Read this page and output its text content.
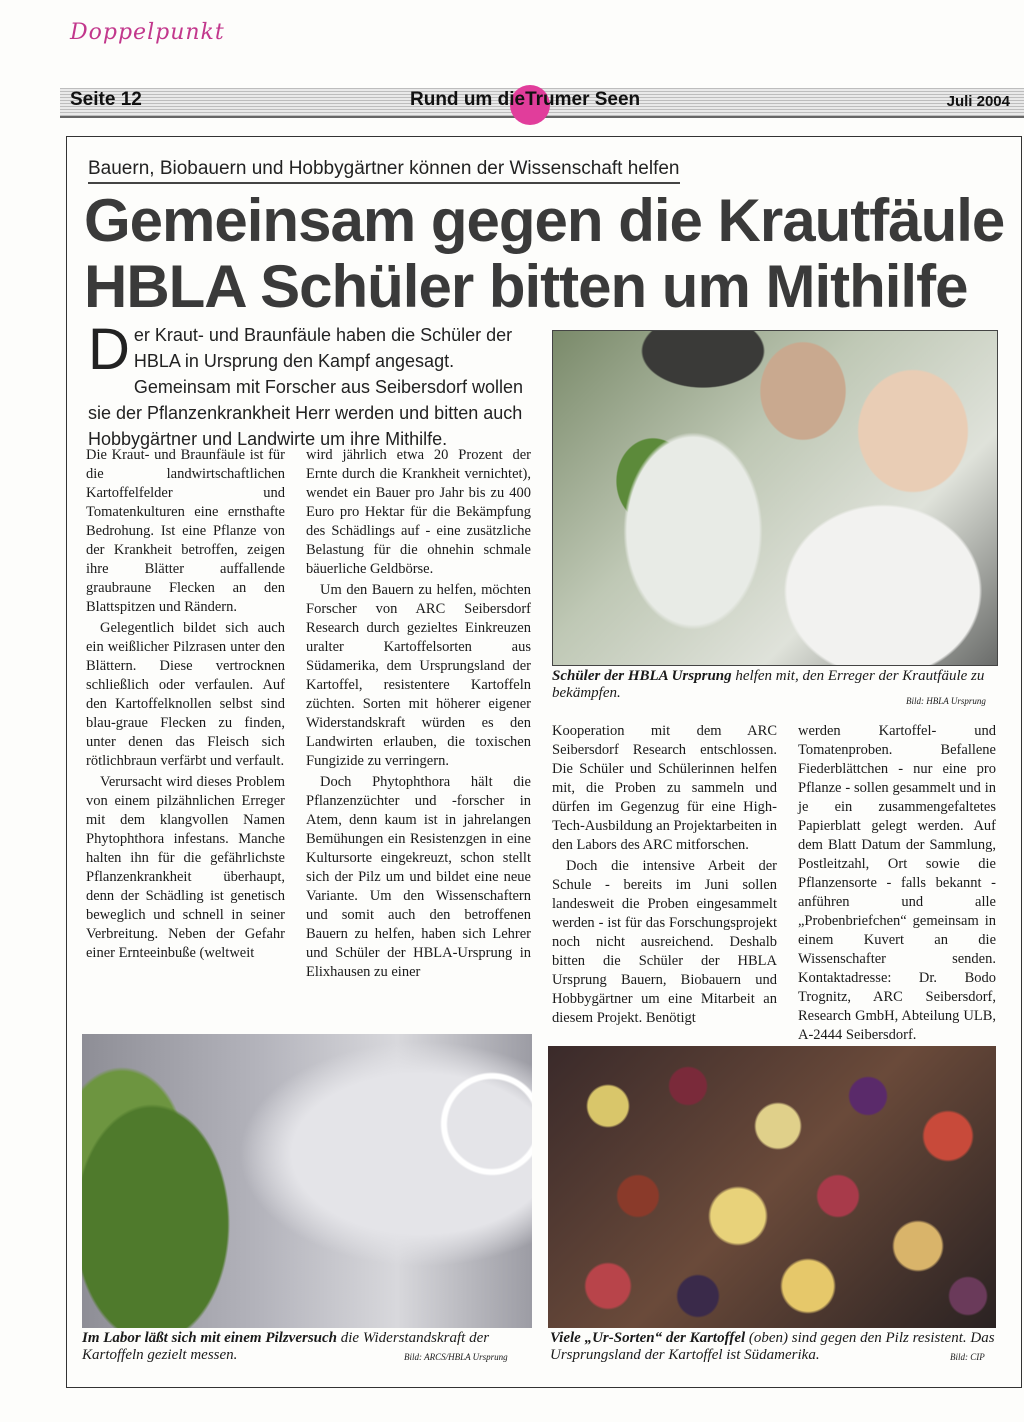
Doppelpunkt
Seite 12	Rund um dieTrumer Seen	Juli 2004
Bauern, Biobauern und Hobbygärtner können der Wissenschaft helfen
Gemeinsam gegen die Krautfäule
HBLA Schüler bitten um Mithilfe
Der Kraut- und Braunfäule haben die Schüler der HBLA in Ursprung den Kampf angesagt. Gemeinsam mit Forscher aus Seibersdorf wollen sie der Pflanzenkrankheit Herr werden und bitten auch Hobbygärtner und Landwirte um ihre Mithilfe.

Die Kraut- und Braunfäule ist für die landwirtschaftlichen Kartoffelfelder und Tomatenkulturen eine ernsthafte Bedrohung. Ist eine Pflanze von der Krankheit betroffen, zeigen ihre Blätter auffallende graubraune Flecken an den Blattspitzen und Rändern.

Gelegentlich bildet sich auch ein weißlicher Pilzrasen unter den Blättern. Diese vertrocknen schließlich oder verfaulen. Auf den Kartoffelknollen selbst sind blau-graue Flecken zu finden, unter denen das Fleisch sich rötlichbraun verfärbt und verfault.

Verursacht wird dieses Problem von einem pilzähnlichen Erreger mit dem klangvollen Namen Phytophthora infestans. Manche halten ihn für die gefährlichste Pflanzenkrankheit überhaupt, denn der Schädling ist genetisch beweglich und schnell in seiner Verbreitung. Neben der Gefahr einer Ernteeinbuße (weltweit

wird jährlich etwa 20 Prozent der Ernte durch die Krankheit vernichtet), wendet ein Bauer pro Jahr bis zu 400 Euro pro Hektar für die Bekämpfung des Schädlings auf - eine zusätzliche Belastung für die ohnehin schmale bäuerliche Geldbörse.

Um den Bauern zu helfen, möchten Forscher von ARC Seibersdorf Research durch gezieltes Einkreuzen uralter Kartoffelsorten aus Südamerika, dem Ursprungsland der Kartoffel, resistentere Kartoffeln züchten. Sorten mit höherer eigener Widerstandskraft würden es den Landwirten erlauben, die toxischen Fungizide zu verringern.

Doch Phytophthora hält die Pflanzenzüchter und -forscher in Atem, denn kaum ist in jahrelangen Bemühungen ein Resistenzgen in eine Kultursorte eingekreuzt, schon stellt sich der Pilz um und bildet eine neue Variante. Um den Wissenschaftern und somit auch den betroffenen Bauern zu helfen, haben sich Lehrer und Schüler der HBLA-Ursprung in Elixhausen zu einer

Schüler der HBLA Ursprung helfen mit, den Erreger der Krautfäule zu bekämpfen.	Bild: HBLA Ursprung

Kooperation mit dem ARC Seibersdorf Research entschlossen. Die Schüler und Schülerinnen helfen mit, die Proben zu sammeln und dürfen im Gegenzug für eine High-Tech-Ausbildung an Projektarbeiten in den Labors des ARC mitforschen.

Doch die intensive Arbeit der Schule - bereits im Juni sollen landesweit die Proben eingesammelt werden - ist für das Forschungsprojekt noch nicht ausreichend. Deshalb bitten die Schüler der HBLA Ursprung Bauern, Biobauern und Hobbygärtner um eine Mitarbeit an diesem Projekt. Benötigt

werden Kartoffel- und Tomatenproben. Befallene Fiederblättchen - nur eine pro Pflanze - sollen gesammelt und in je ein zusammengefaltetes Papierblatt gelegt werden. Auf dem Blatt Datum der Sammlung, Postleitzahl, Ort sowie die Pflanzensorte - falls bekannt - anführen und alle „Probenbriefchen“ gemeinsam in einem Kuvert an die Wissenschafter senden. Kontaktadresse: Dr. Bodo Trognitz, ARC Seibersdorf, Research GmbH, Abteilung ULB, A-2444 Seibersdorf.

Im Labor läßt sich mit einem Pilzversuch die Widerstandskraft der Kartoffeln gezielt messen.	Bild: ARCS/HBLA Ursprung
Viele „Ur-Sorten“ der Kartoffel (oben) sind gegen den Pilz resistent. Das Ursprungsland der Kartoffel ist Südamerika.	Bild: CIP
